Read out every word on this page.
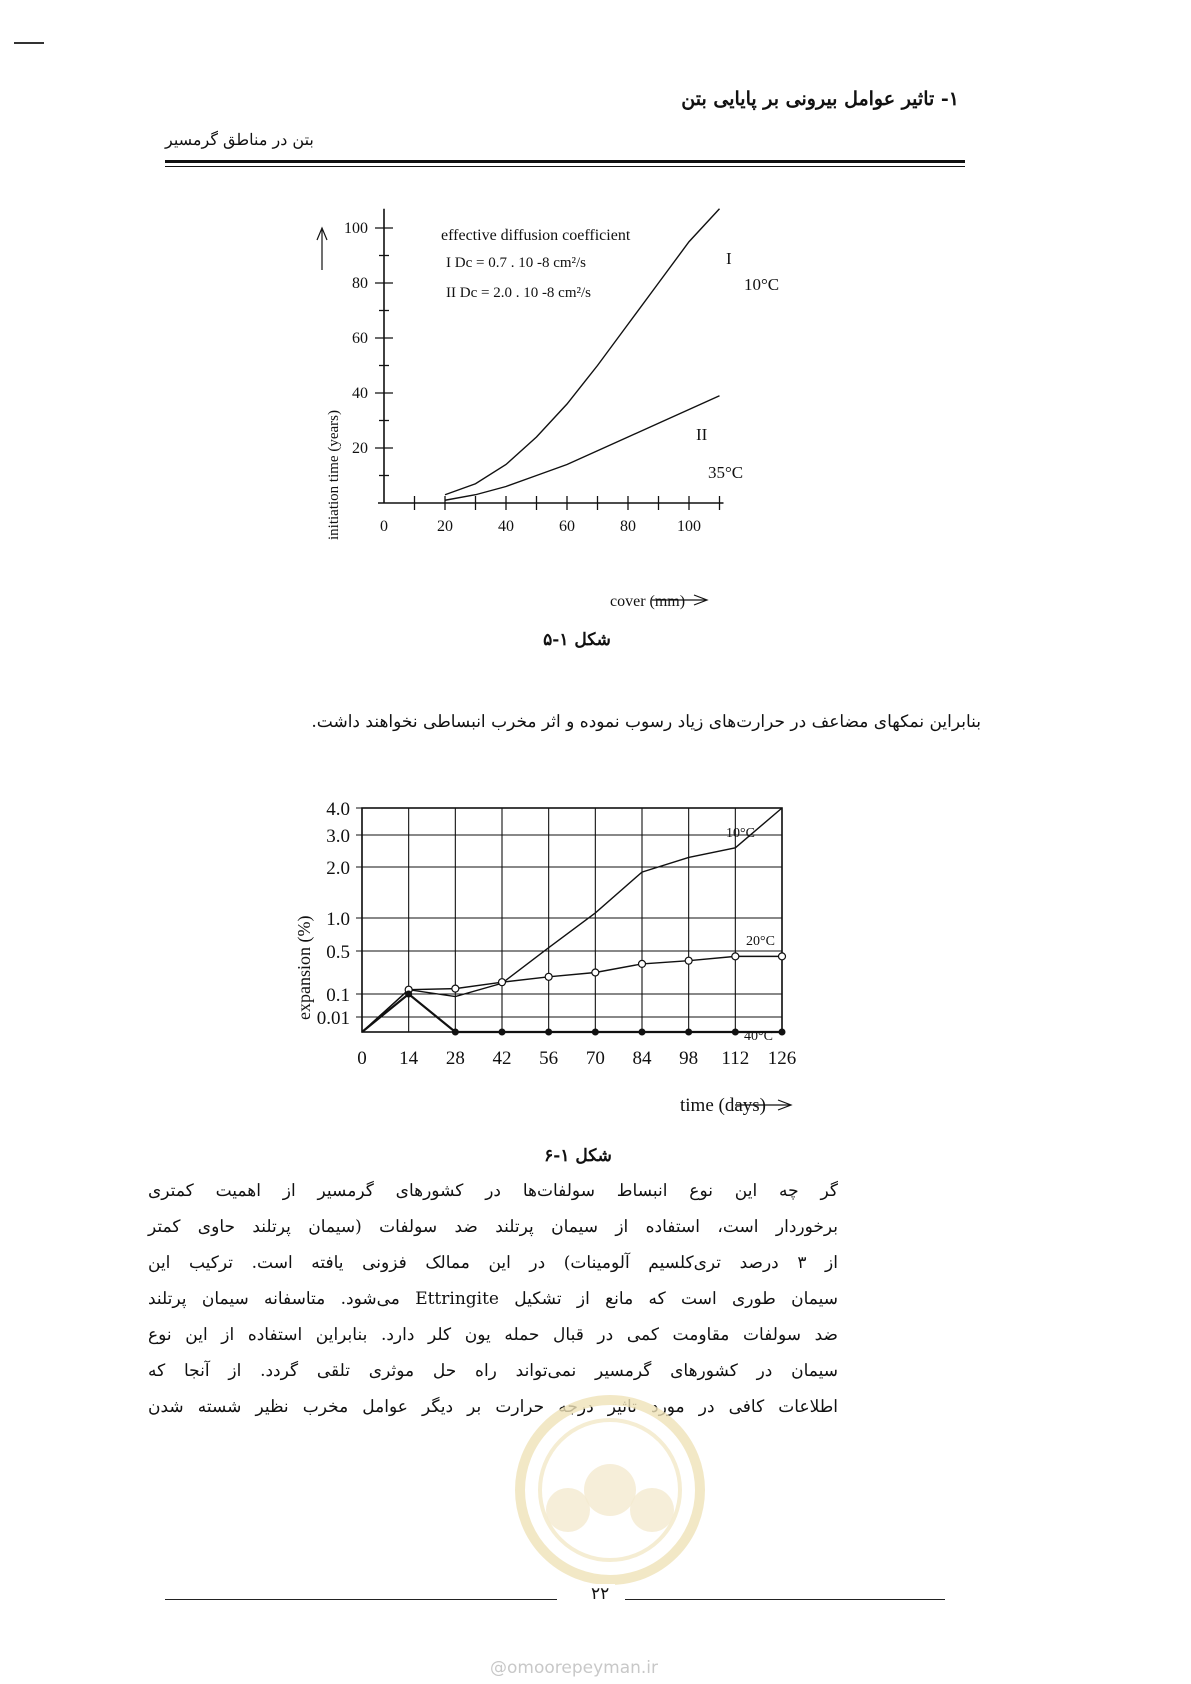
۱- تاثیر عوامل بیرونی بر پایایی بتن
بتن در مناطق گرمسیر
20
40
60
80
100
0	20	40	60	80	100
effective diffusion coefficient
I Dc = 0.7 . 10 -8 cm²/s
II Dc = 2.0 . 10 -8 cm²/s
I
10°C
II
35°C
cover (mm)
initiation time (years)
شکل ۱-۵
بنابراین نمکهای مضاعف در حرارت‌های زیاد رسوب نموده و اثر مخرب انبساطی نخواهند داشت.
0 14 28 42 56 70 84 98 112 126
4.0
3.0
2.0
1.0
0.5
0.1
0.01
10°C
20°C
40°C
time (days)
expansion (%)
شکل ۱-۶
گر چه این نوع انبساط سولفات‌ها در کشورهای گرمسیر از اهمیت کمتری
برخوردار است، استفاده از سیمان پرتلند ضد سولفات (سیمان پرتلند حاوی کمتر
از ۳ درصد تری‌کلسیم آلومینات) در این ممالک فزونی یافته است. ترکیب این
سیمان طوری است که مانع از تشکیل Ettringite می‌شود. متاسفانه سیمان پرتلند
ضد سولفات مقاومت کمی در قبال حمله یون کلر دارد. بنابراین استفاده از این نوع
سیمان در کشورهای گرمسیر نمی‌تواند راه حل موثری تلقی گردد. از آنجا که
اطلاعات کافی در مورد تاثیر درجه حرارت بر دیگر عوامل مخرب نظیر شسته شدن
۲۲
@omoorepeyman.ir
